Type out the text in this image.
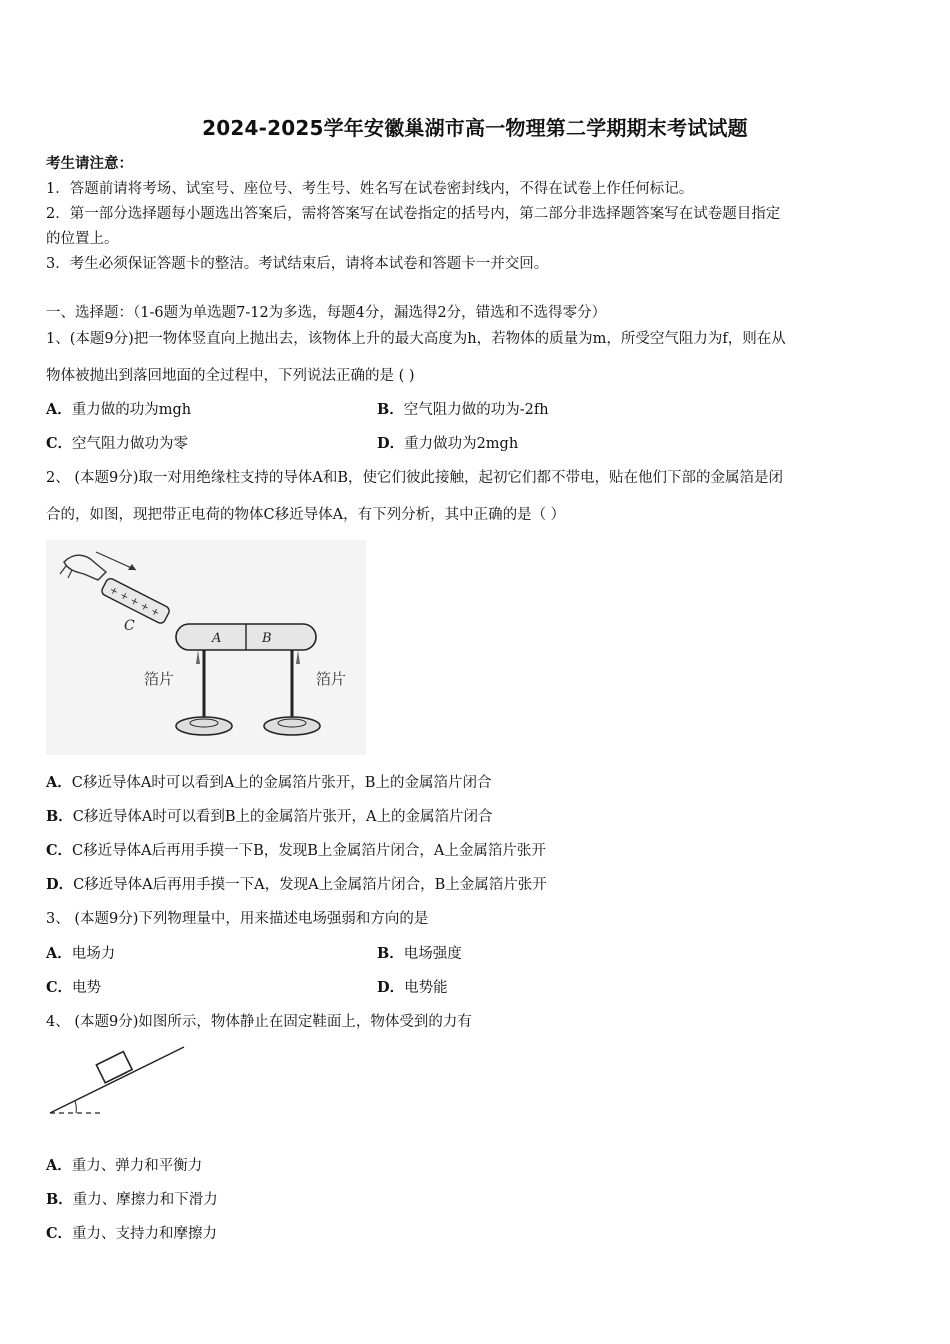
2024-2025学年安徽巢湖市高一物理第二学期期末考试试题
考生请注意：
1．答题前请将考场、试室号、座位号、考生号、姓名写在试卷密封线内，不得在试卷上作任何标记。
2．第一部分选择题每小题选出答案后，需将答案写在试卷指定的括号内，第二部分非选择题答案写在试卷题目指定
的位置上。
3．考生必须保证答题卡的整洁。考试结束后，请将本试卷和答题卡一并交回。
一、选择题：（1-6题为单选题7-12为多选，每题4分，漏选得2分，错选和不选得零分）
1、(本题9分)把一物体竖直向上抛出去，该物体上升的最大高度为h，若物体的质量为m，所受空气阻力为f，则在从
物体被抛出到落回地面的全过程中，下列说法正确的是 ( )
A．重力做的功为mgh	B．空气阻力做的功为-2fh
C．空气阻力做功为零	D．重力做功为2mgh
2、 (本题9分)取一对用绝缘柱支持的导体A和B，使它们彼此接触，起初它们都不带电，贴在他们下部的金属箔是闭
合的，如图，现把带正电荷的物体C移近导体A，有下列分析，其中正确的是（ ）
+ + + + +
C
A	B
箔片	箔片
A．C移近导体A时可以看到A上的金属箔片张开，B上的金属箔片闭合
B．C移近导体A时可以看到B上的金属箔片张开，A上的金属箔片闭合
C．C移近导体A后再用手摸一下B，发现B上金属箔片闭合，A上金属箔片张开
D．C移近导体A后再用手摸一下A，发现A上金属箔片闭合，B上金属箔片张开
3、 (本题9分)下列物理量中，用来描述电场强弱和方向的是
A．电场力	B．电场强度
C．电势	D．电势能
4、 (本题9分)如图所示，物体静止在固定鞋面上，物体受到的力有
A．重力、弹力和平衡力
B．重力、摩擦力和下滑力
C．重力、支持力和摩擦力
